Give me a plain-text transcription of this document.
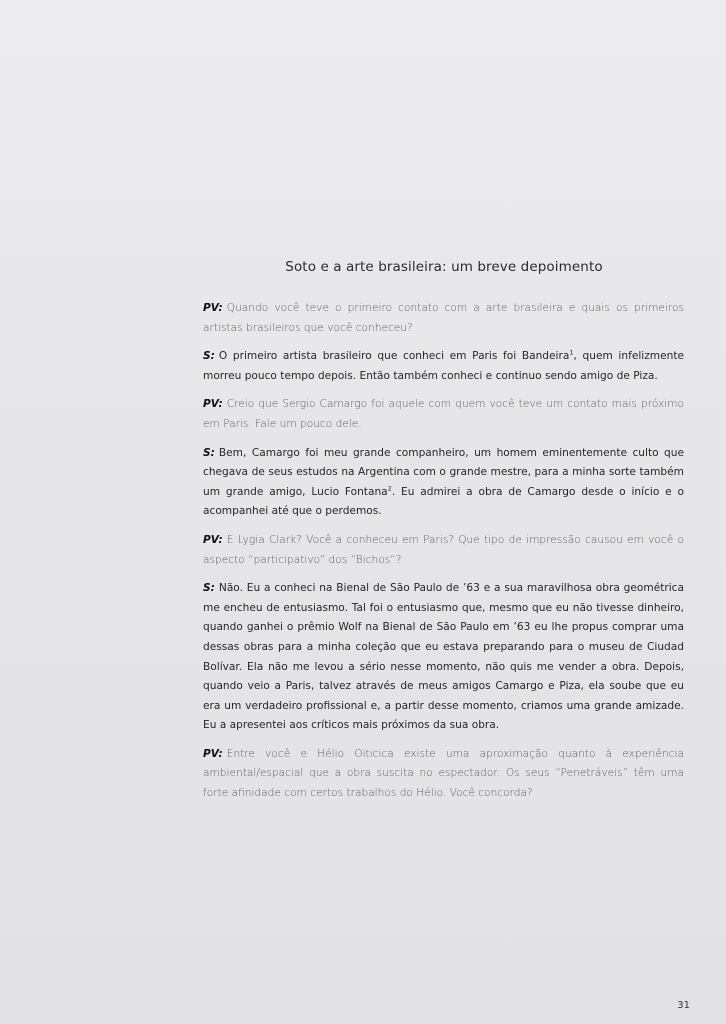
Soto e a arte brasileira: um breve depoimento

PV: Quando você teve o primeiro contato com a arte brasileira e quais os primeiros artistas brasileiros que você conheceu?

S: O primeiro artista brasileiro que conheci em Paris foi Bandeira$^1$, quem infelizmente morreu pouco tempo depois. Então também conheci e continuo sendo amigo de Piza.

PV: Creio que Sergio Camargo foi aquele com quem você teve um contato mais próximo em Paris. Fale um pouco dele.

S: Bem, Camargo foi meu grande companheiro, um homem eminentemente culto que chegava de seus estudos na Argentina com o grande mestre, para a minha sorte também um grande amigo, Lucio Fontana$^2$. Eu admirei a obra de Camargo desde o início e o acompanhei até que o perdemos.

PV: E Lygia Clark? Você a conheceu em Paris? Que tipo de impressão causou em você o aspecto “participativo” dos “Bichos”?

S: Não. Eu a conheci na Bienal de São Paulo de ’63 e a sua maravilhosa obra geométrica me encheu de entusiasmo. Tal foi o entusiasmo que, mesmo que eu não tivesse dinheiro, quando ganhei o prêmio Wolf na Bienal de São Paulo em ’63 eu lhe propus comprar uma dessas obras para a minha coleção que eu estava preparando para o museu de Ciudad Bolívar. Ela não me levou a sério nesse momento, não quis me vender a obra. Depois, quando veio a Paris, talvez através de meus amigos Camargo e Piza, ela soube que eu era um verdadeiro profissional e, a partir desse momento, criamos uma grande amizade. Eu a apresentei aos críticos mais próximos da sua obra.

PV: Entre você e Hélio Oiticica existe uma aproximação quanto à experiência ambiental/espacial que a obra suscita no espectador. Os seus “Penetráveis” têm uma forte afinidade com certos trabalhos do Hélio. Você concorda?

31
